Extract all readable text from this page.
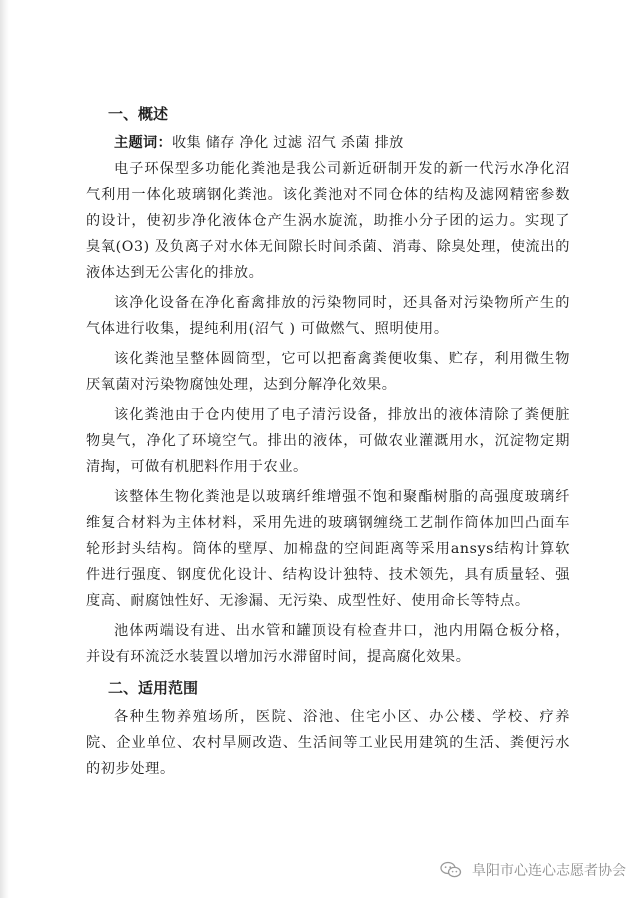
一、概述

主题词：收集 储存 净化 过滤 沼气 杀菌 排放

电子环保型多功能化粪池是我公司新近研制开发的新一代污水净化沼气利用一体化玻璃钢化粪池。该化粪池对不同仓体的结构及滤网精密参数的设计，使初步净化液体仓产生涡水旋流，助推小分子团的运力。实现了臭氧(O3) 及负离子对水体无间隙长时间杀菌、消毒、除臭处理，使流出的液体达到无公害化的排放。

该净化设备在净化畜禽排放的污染物同时，还具备对污染物所产生的气体进行收集，提纯利用(沼气 ) 可做燃气、照明使用。

该化粪池呈整体圆筒型，它可以把畜禽粪便收集、贮存，利用微生物厌氧菌对污染物腐蚀处理，达到分解净化效果。

该化粪池由于仓内使用了电子清污设备，排放出的液体清除了粪便脏物臭气，净化了环境空气。排出的液体，可做农业灌溉用水，沉淀物定期清掏，可做有机肥料作用于农业。

该整体生物化粪池是以玻璃纤维增强不饱和聚酯树脂的高强度玻璃纤维复合材料为主体材料，采用先进的玻璃钢缠绕工艺制作筒体加凹凸面车轮形封头结构。筒体的壁厚、加棉盘的空间距离等采用ansys结构计算软件进行强度、钢度优化设计、结构设计独特、技术领先，具有质量轻、强度高、耐腐蚀性好、无渗漏、无污染、成型性好、使用命长等特点。

池体两端设有进、出水管和罐顶设有检查井口，池内用隔仓板分格，并设有环流泛水装置以增加污水滞留时间，提高腐化效果。

二、适用范围

各种生物养殖场所，医院、浴池、住宅小区、办公楼、学校、疗养院、企业单位、农村旱厕改造、生活间等工业民用建筑的生活、粪便污水的初步处理。

阜阳市心连心志愿者协会
